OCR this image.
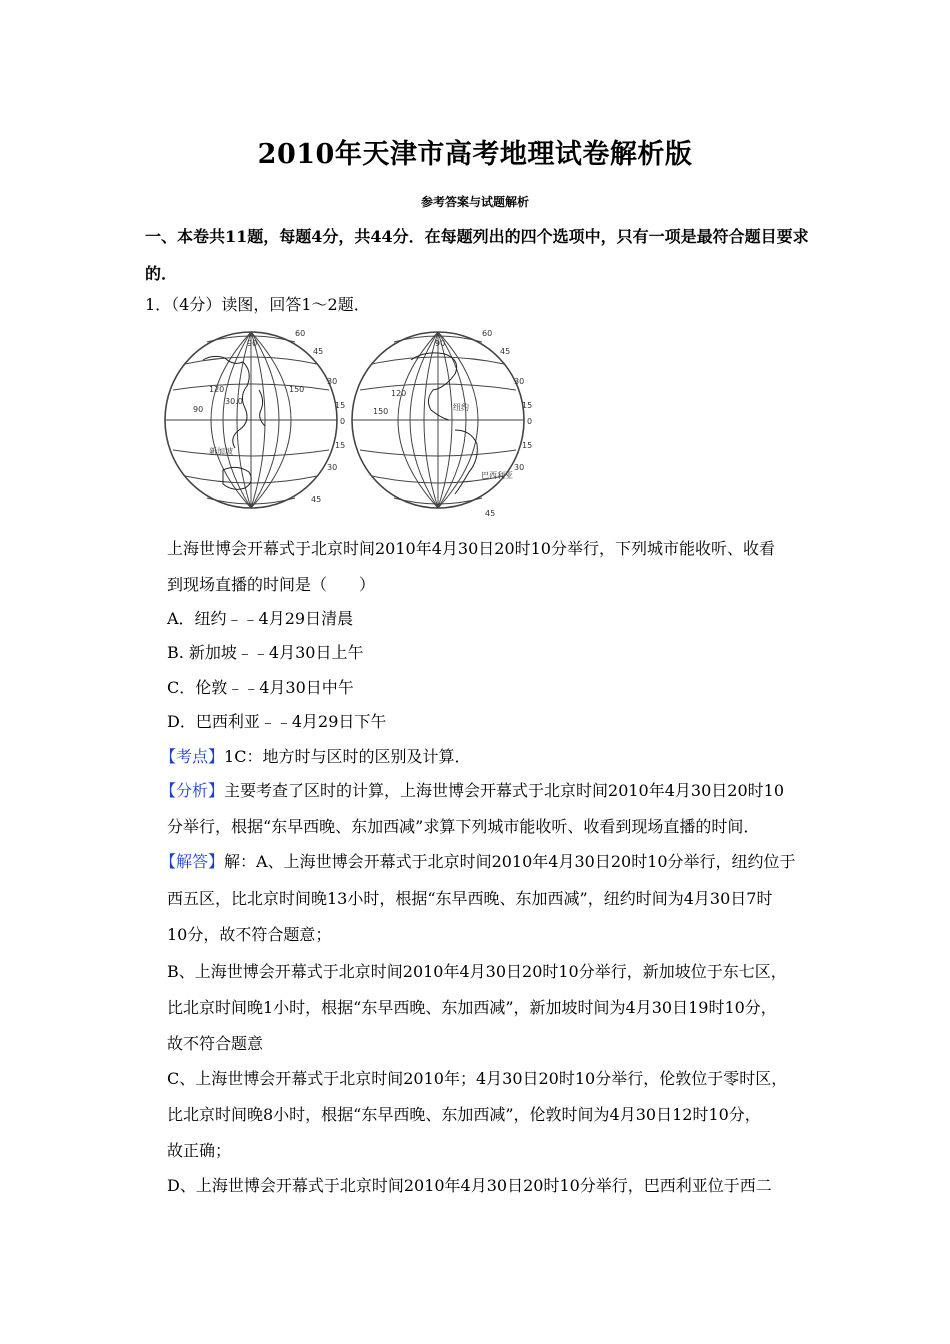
2010年天津市高考地理试卷解析版
参考答案与试题解析
一、本卷共11题，每题4分，共44分．在每题列出的四个选项中，只有一项是最符合题目要求的．
1．（4分）读图，回答1～2题．
60
45
30
15
0
15
30
45
90
120	150
30.0
90
新加坡
60
45
30
15
0
15
30
45
90
120
150	纽约
巴西利亚
上海世博会开幕式于北京时间2010年4月30日20时10分举行，下列城市能收听、收看
到现场直播的时间是（　　）
A．纽约﹣﹣4月29日清晨
B. 新加坡﹣﹣4月30日上午
C．伦敦﹣﹣4月30日中午
D．巴西利亚﹣﹣4月29日下午
【考点】1C：地方时与区时的区别及计算．
【分析】主要考查了区时的计算，上海世博会开幕式于北京时间2010年4月30日20时10
分举行，根据“东早西晚、东加西减”求算下列城市能收听、收看到现场直播的时间．
【解答】解：A、上海世博会开幕式于北京时间2010年4月30日20时10分举行，纽约位于
西五区，比北京时间晚13小时，根据“东早西晚、东加西减”，纽约时间为4月30日7时
10分，故不符合题意；
B、上海世博会开幕式于北京时间2010年4月30日20时10分举行，新加坡位于东七区，
比北京时间晚1小时，根据“东早西晚、东加西减”，新加坡时间为4月30日19时10分，
故不符合题意
C、上海世博会开幕式于北京时间2010年；4月30日20时10分举行，伦敦位于零时区，
比北京时间晚8小时，根据“东早西晚、东加西减”，伦敦时间为4月30日12时10分，
故正确；
D、上海世博会开幕式于北京时间2010年4月30日20时10分举行，巴西利亚位于西二
